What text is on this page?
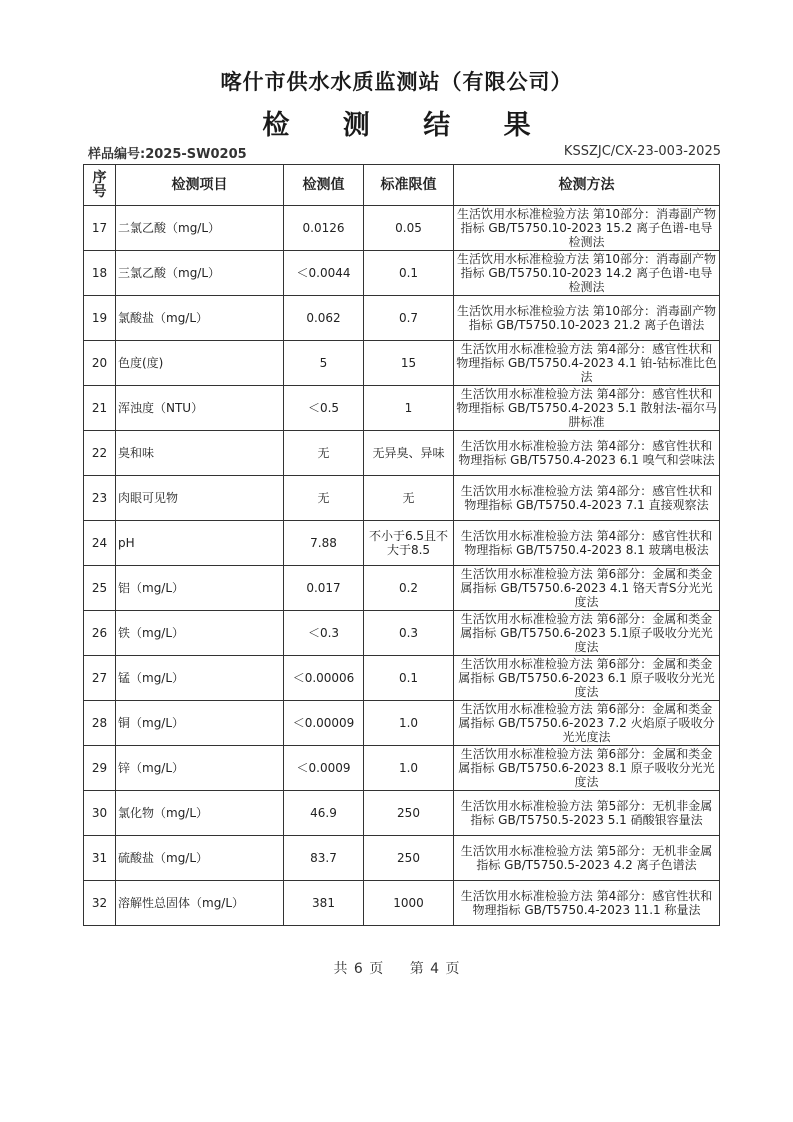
喀什市供水水质监测站（有限公司）
检 测 结 果
样品编号:2025-SW0205	KSSZJC/CX-23-003-2025
序号	检测项目	检测值	标准限值	检测方法
17	二氯乙酸（mg/L）	0.0126	0.05	生活饮用水标准检验方法 第10部分：消毒副产物指标 GB/T5750.10-2023 15.2 离子色谱-电导检测法
18	三氯乙酸（mg/L）	＜0.0044	0.1	生活饮用水标准检验方法 第10部分：消毒副产物指标 GB/T5750.10-2023 14.2 离子色谱-电导检测法
19	氯酸盐（mg/L）	0.062	0.7	生活饮用水标准检验方法 第10部分：消毒副产物指标 GB/T5750.10-2023 21.2 离子色谱法
20	色度(度)	5	15	生活饮用水标准检验方法 第4部分：感官性状和物理指标 GB/T5750.4-2023 4.1 铂-钴标准比色法
21	浑浊度（NTU）	＜0.5	1	生活饮用水标准检验方法 第4部分：感官性状和物理指标 GB/T5750.4-2023 5.1 散射法-福尔马肼标准
22	臭和味	无	无异臭、异味	生活饮用水标准检验方法 第4部分：感官性状和物理指标 GB/T5750.4-2023 6.1 嗅气和尝味法
23	肉眼可见物	无	无	生活饮用水标准检验方法 第4部分：感官性状和物理指标 GB/T5750.4-2023 7.1 直接观察法
24	pH	7.88	不小于6.5且不大于8.5	生活饮用水标准检验方法 第4部分：感官性状和物理指标 GB/T5750.4-2023 8.1 玻璃电极法
25	铝（mg/L）	0.017	0.2	生活饮用水标准检验方法 第6部分：金属和类金属指标 GB/T5750.6-2023 4.1 铬天青S分光光度法
26	铁（mg/L）	＜0.3	0.3	生活饮用水标准检验方法 第6部分：金属和类金属指标 GB/T5750.6-2023 5.1原子吸收分光光度法
27	锰（mg/L）	＜0.00006	0.1	生活饮用水标准检验方法 第6部分：金属和类金属指标 GB/T5750.6-2023 6.1 原子吸收分光光度法
28	铜（mg/L）	＜0.00009	1.0	生活饮用水标准检验方法 第6部分：金属和类金属指标 GB/T5750.6-2023 7.2 火焰原子吸收分光光度法
29	锌（mg/L）	＜0.0009	1.0	生活饮用水标准检验方法 第6部分：金属和类金属指标 GB/T5750.6-2023 8.1 原子吸收分光光度法
30	氯化物（mg/L）	46.9	250	生活饮用水标准检验方法 第5部分：无机非金属指标 GB/T5750.5-2023 5.1 硝酸银容量法
31	硫酸盐（mg/L）	83.7	250	生活饮用水标准检验方法 第5部分：无机非金属指标 GB/T5750.5-2023 4.2 离子色谱法
32	溶解性总固体（mg/L）	381	1000	生活饮用水标准检验方法 第4部分：感官性状和物理指标 GB/T5750.4-2023 11.1 称量法
共 6 页 第 4 页
